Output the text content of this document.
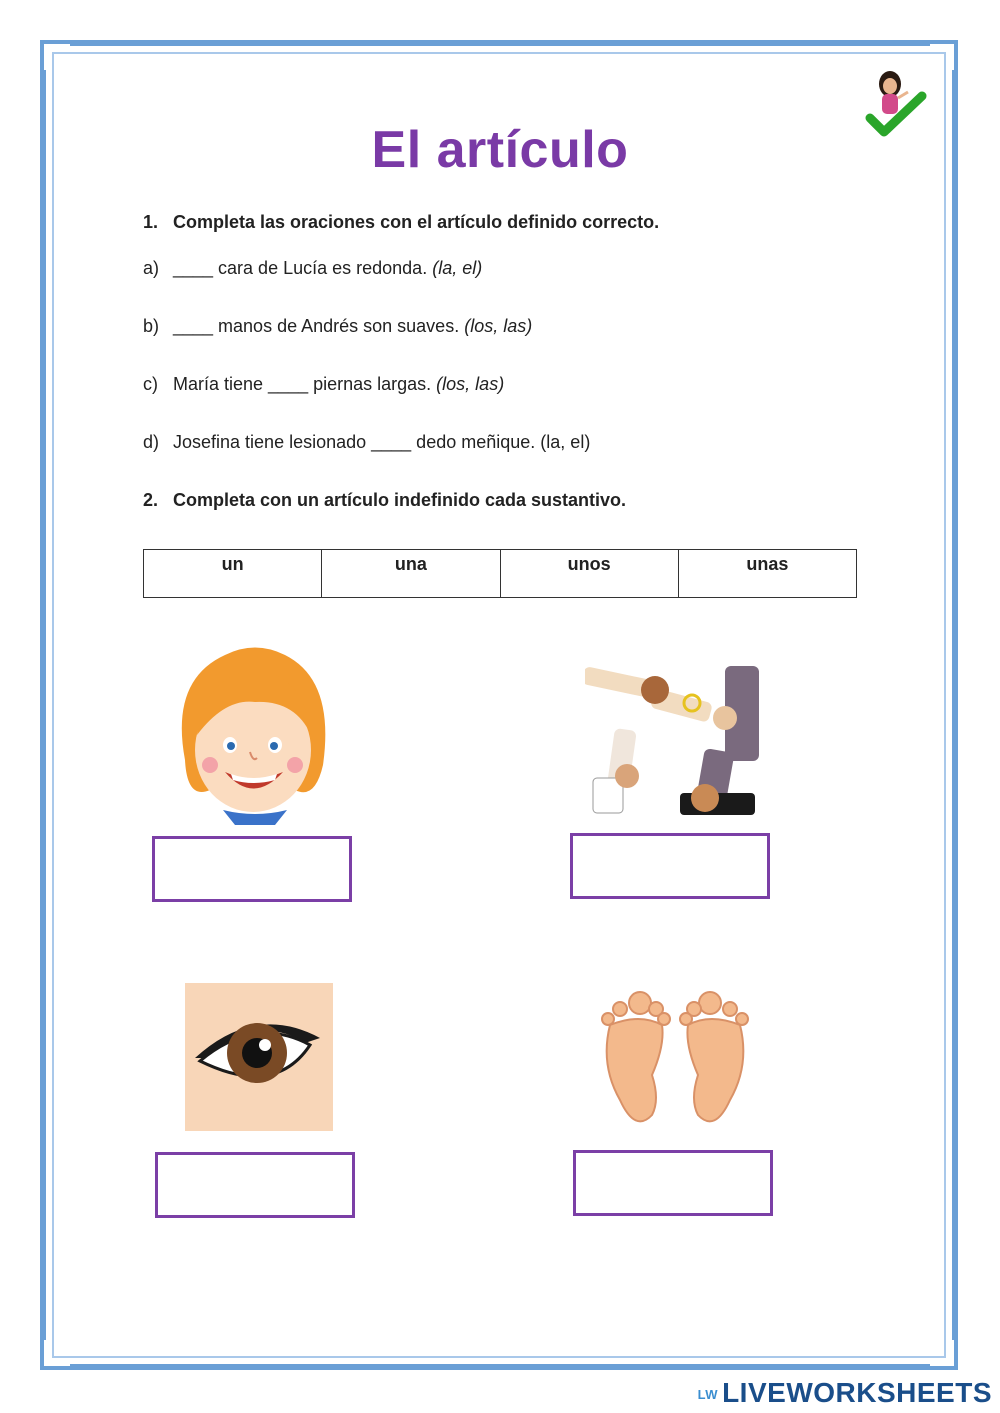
El artículo
1. Completa las oraciones con el artículo definido correcto.
a) ____ cara de Lucía es redonda. (la, el)
b) ____ manos de Andrés son suaves. (los, las)
c) María tiene ____ piernas largas. (los, las)
d) Josefina tiene lesionado ____ dedo meñique. (la, el)
2. Completa con un artículo indefinido cada sustantivo.
un	una	unos	unas
LW LIVEWORKSHEETS
